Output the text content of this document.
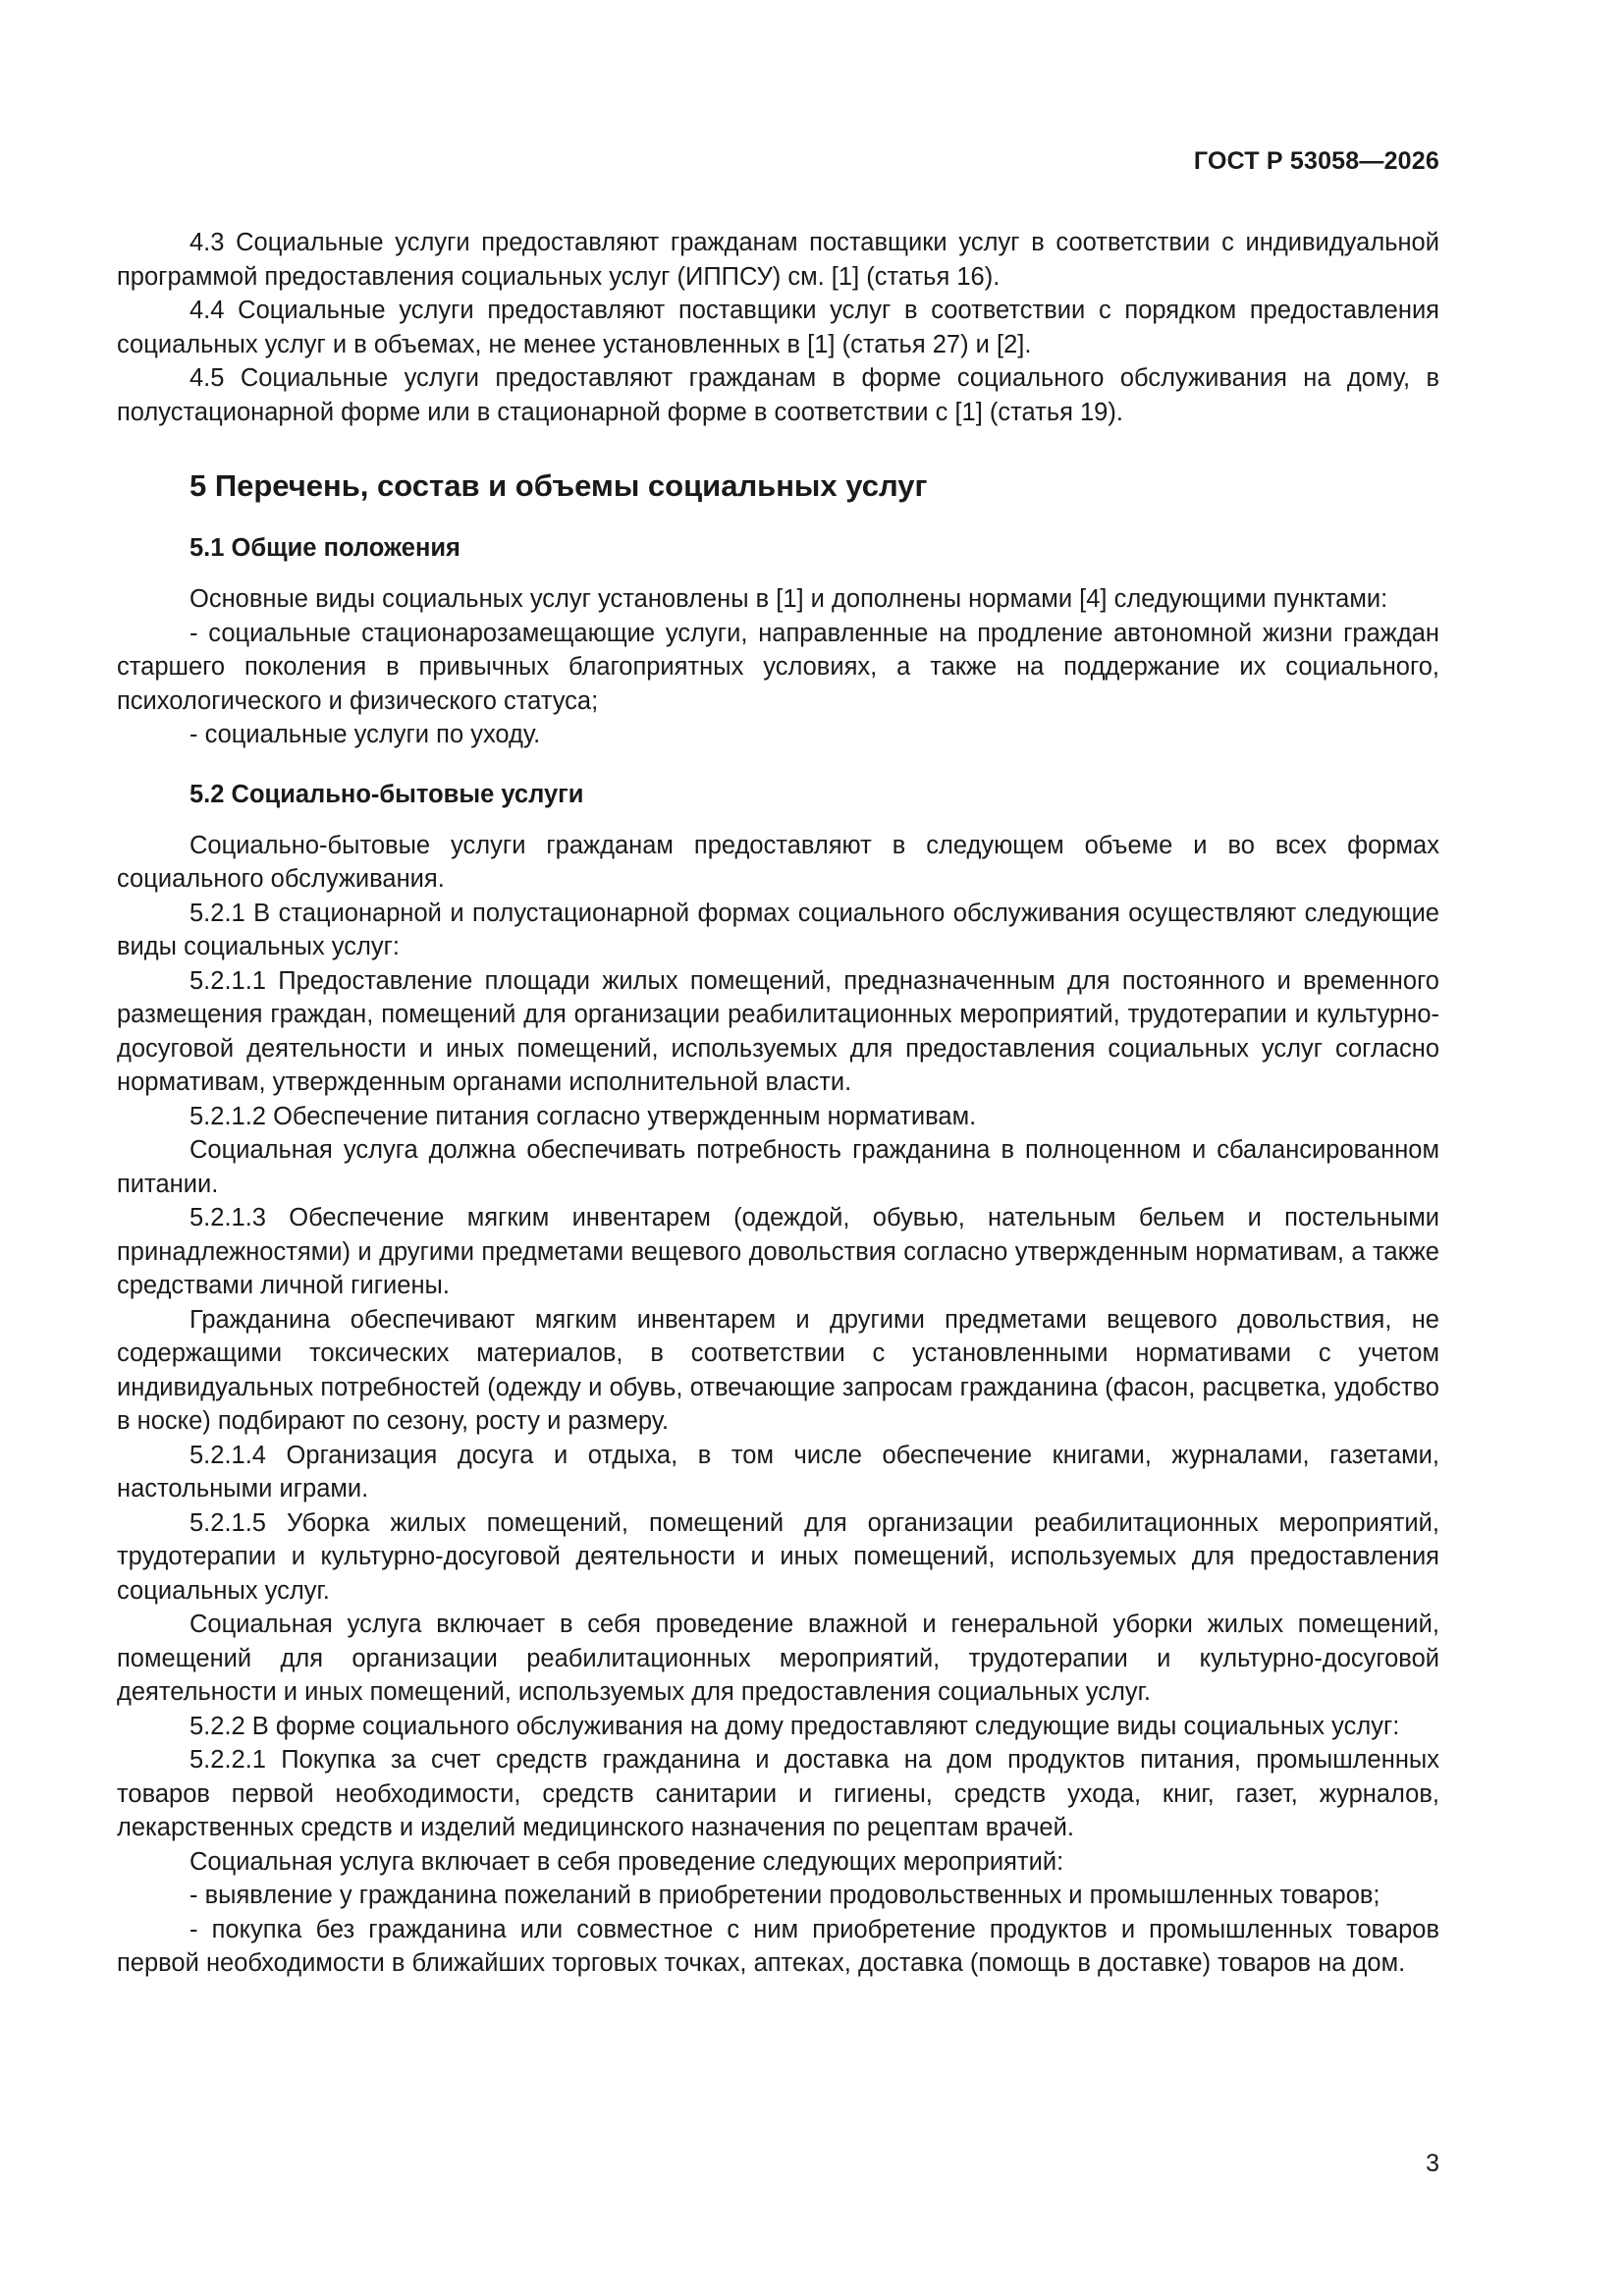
ГОСТ Р 53058—2026

4.3 Социальные услуги предоставляют гражданам поставщики услуг в соответствии с индивидуальной программой предоставления социальных услуг (ИППСУ) см. [1] (статья 16).

4.4 Социальные услуги предоставляют поставщики услуг в соответствии с порядком предоставления социальных услуг и в объемах, не менее установленных в [1] (статья 27) и [2].

4.5 Социальные услуги предоставляют гражданам в форме социального обслуживания на дому, в полустационарной форме или в стационарной форме в соответствии с [1] (статья 19).

5 Перечень, состав и объемы социальных услуг
5.1 Общие положения

Основные виды социальных услуг установлены в [1] и дополнены нормами [4] следующими пунктами:

- социальные стационарозамещающие услуги, направленные на продление автономной жизни граждан старшего поколения в привычных благоприятных условиях, а также на поддержание их социального, психологического и физического статуса;

- социальные услуги по уходу.

5.2 Социально-бытовые услуги

Социально-бытовые услуги гражданам предоставляют в следующем объеме и во всех формах социального обслуживания.

5.2.1 В стационарной и полустационарной формах социального обслуживания осуществляют следующие виды социальных услуг:

5.2.1.1 Предоставление площади жилых помещений, предназначенным для постоянного и временного размещения граждан, помещений для организации реабилитационных мероприятий, трудотерапии и культурно-досуговой деятельности и иных помещений, используемых для предоставления социальных услуг согласно нормативам, утвержденным органами исполнительной власти.

5.2.1.2 Обеспечение питания согласно утвержденным нормативам.

Социальная услуга должна обеспечивать потребность гражданина в полноценном и сбалансированном питании.

5.2.1.3 Обеспечение мягким инвентарем (одеждой, обувью, нательным бельем и постельными принадлежностями) и другими предметами вещевого довольствия согласно утвержденным нормативам, а также средствами личной гигиены.

Гражданина обеспечивают мягким инвентарем и другими предметами вещевого довольствия, не содержащими токсических материалов, в соответствии с установленными нормативами с учетом индивидуальных потребностей (одежду и обувь, отвечающие запросам гражданина (фасон, расцветка, удобство в носке) подбирают по сезону, росту и размеру.

5.2.1.4 Организация досуга и отдыха, в том числе обеспечение книгами, журналами, газетами, настольными играми.

5.2.1.5 Уборка жилых помещений, помещений для организации реабилитационных мероприятий, трудотерапии и культурно-досуговой деятельности и иных помещений, используемых для предоставления социальных услуг.

Социальная услуга включает в себя проведение влажной и генеральной уборки жилых помещений, помещений для организации реабилитационных мероприятий, трудотерапии и культурно-досуговой деятельности и иных помещений, используемых для предоставления социальных услуг.

5.2.2 В форме социального обслуживания на дому предоставляют следующие виды социальных услуг:

5.2.2.1 Покупка за счет средств гражданина и доставка на дом продуктов питания, промышленных товаров первой необходимости, средств санитарии и гигиены, средств ухода, книг, газет, журналов, лекарственных средств и изделий медицинского назначения по рецептам врачей.

Социальная услуга включает в себя проведение следующих мероприятий:

- выявление у гражданина пожеланий в приобретении продовольственных и промышленных товаров;

- покупка без гражданина или совместное с ним приобретение продуктов и промышленных товаров первой необходимости в ближайших торговых точках, аптеках, доставка (помощь в доставке) товаров на дом.

3
